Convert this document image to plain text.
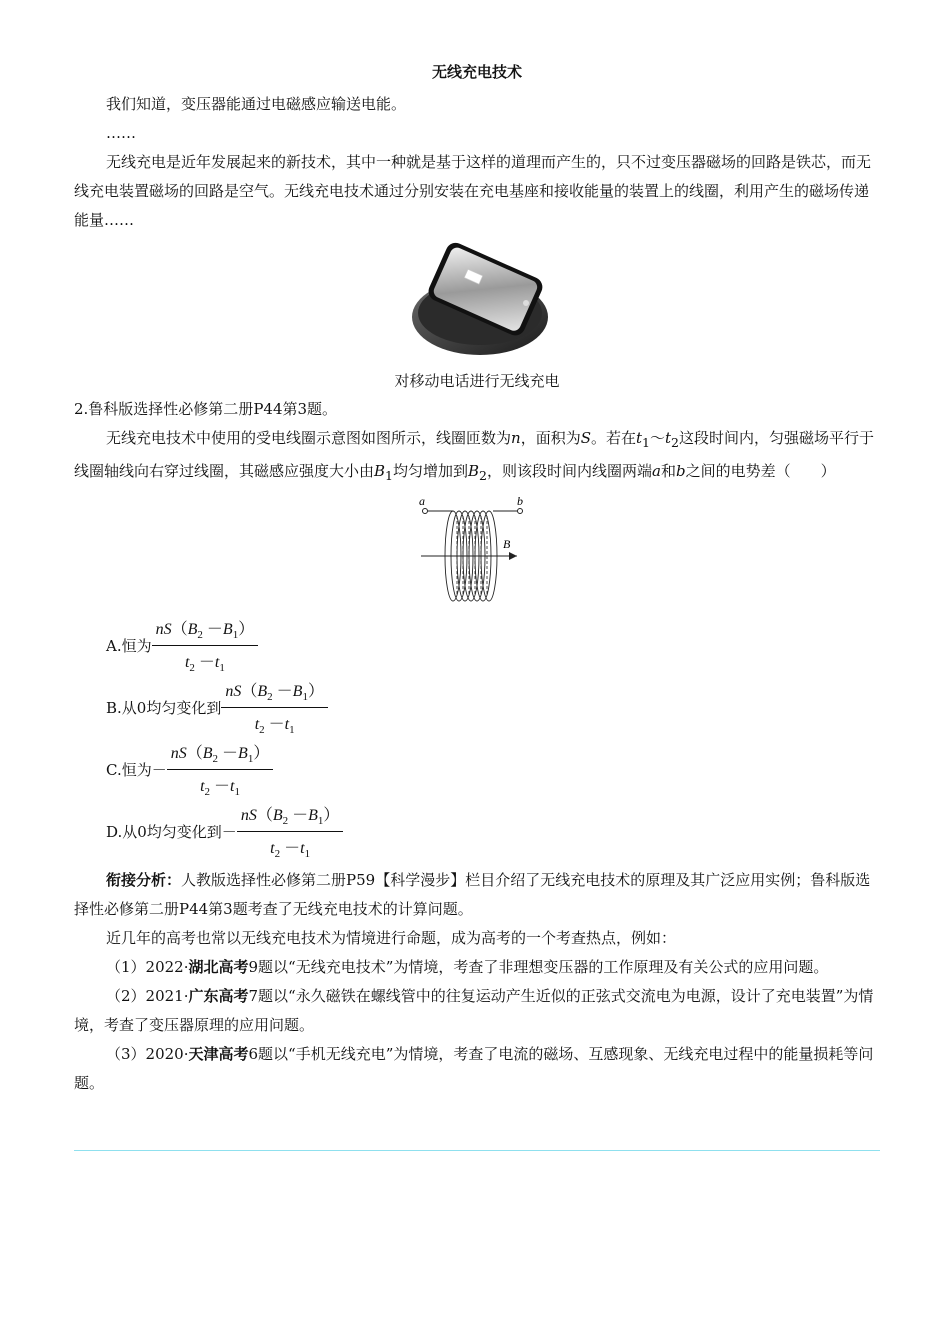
无线充电技术

我们知道，变压器能通过电磁感应输送电能。

……

无线充电是近年发展起来的新技术，其中一种就是基于这样的道理而产生的，只不过变压器磁场的回路是铁芯，而无线充电装置磁场的回路是空气。无线充电技术通过分别安装在充电基座和接收能量的装置上的线圈，利用产生的磁场传递能量……

对移动电话进行无线充电

2.鲁科版选择性必修第二册P44第3题。

无线充电技术中使用的受电线圈示意图如图所示，线圈匝数为n，面积为S。若在$t_1\sim t_2$这段时间内，匀强磁场平行于线圈轴线向右穿过线圈，其磁感应强度大小由$B_1$均匀增加到$B_2$，则该段时间内线圈两端a和b之间的电势差（　　）

a	b
B
A.恒为 $\frac{nS(B_2 -B_1)}{t_2 -t_1}$
B.从0均匀变化到 $\frac{nS(B_2 -B_1)}{t_2 -t_1}$
C.恒为－ $\frac{nS(B_2 -B_1)}{t_2 -t_1}$
D.从0均匀变化到－ $\frac{nS(B_2 -B_1)}{t_2 -t_1}$

衔接分析：人教版选择性必修第二册P59【科学漫步】栏目介绍了无线充电技术的原理及其广泛应用实例；鲁科版选择性必修第二册P44第3题考查了无线充电技术的计算问题。

近几年的高考也常以无线充电技术为情境进行命题，成为高考的一个考查热点，例如：

（1）2022·湖北高考9题以“无线充电技术”为情境，考查了非理想变压器的工作原理及有关公式的应用问题。

（2）2021·广东高考7题以“永久磁铁在螺线管中的往复运动产生近似的正弦式交流电为电源，设计了充电装置”为情境，考查了变压器原理的应用问题。

（3）2020·天津高考6题以“手机无线充电”为情境，考查了电流的磁场、互感现象、无线充电过程中的能量损耗等问题。
